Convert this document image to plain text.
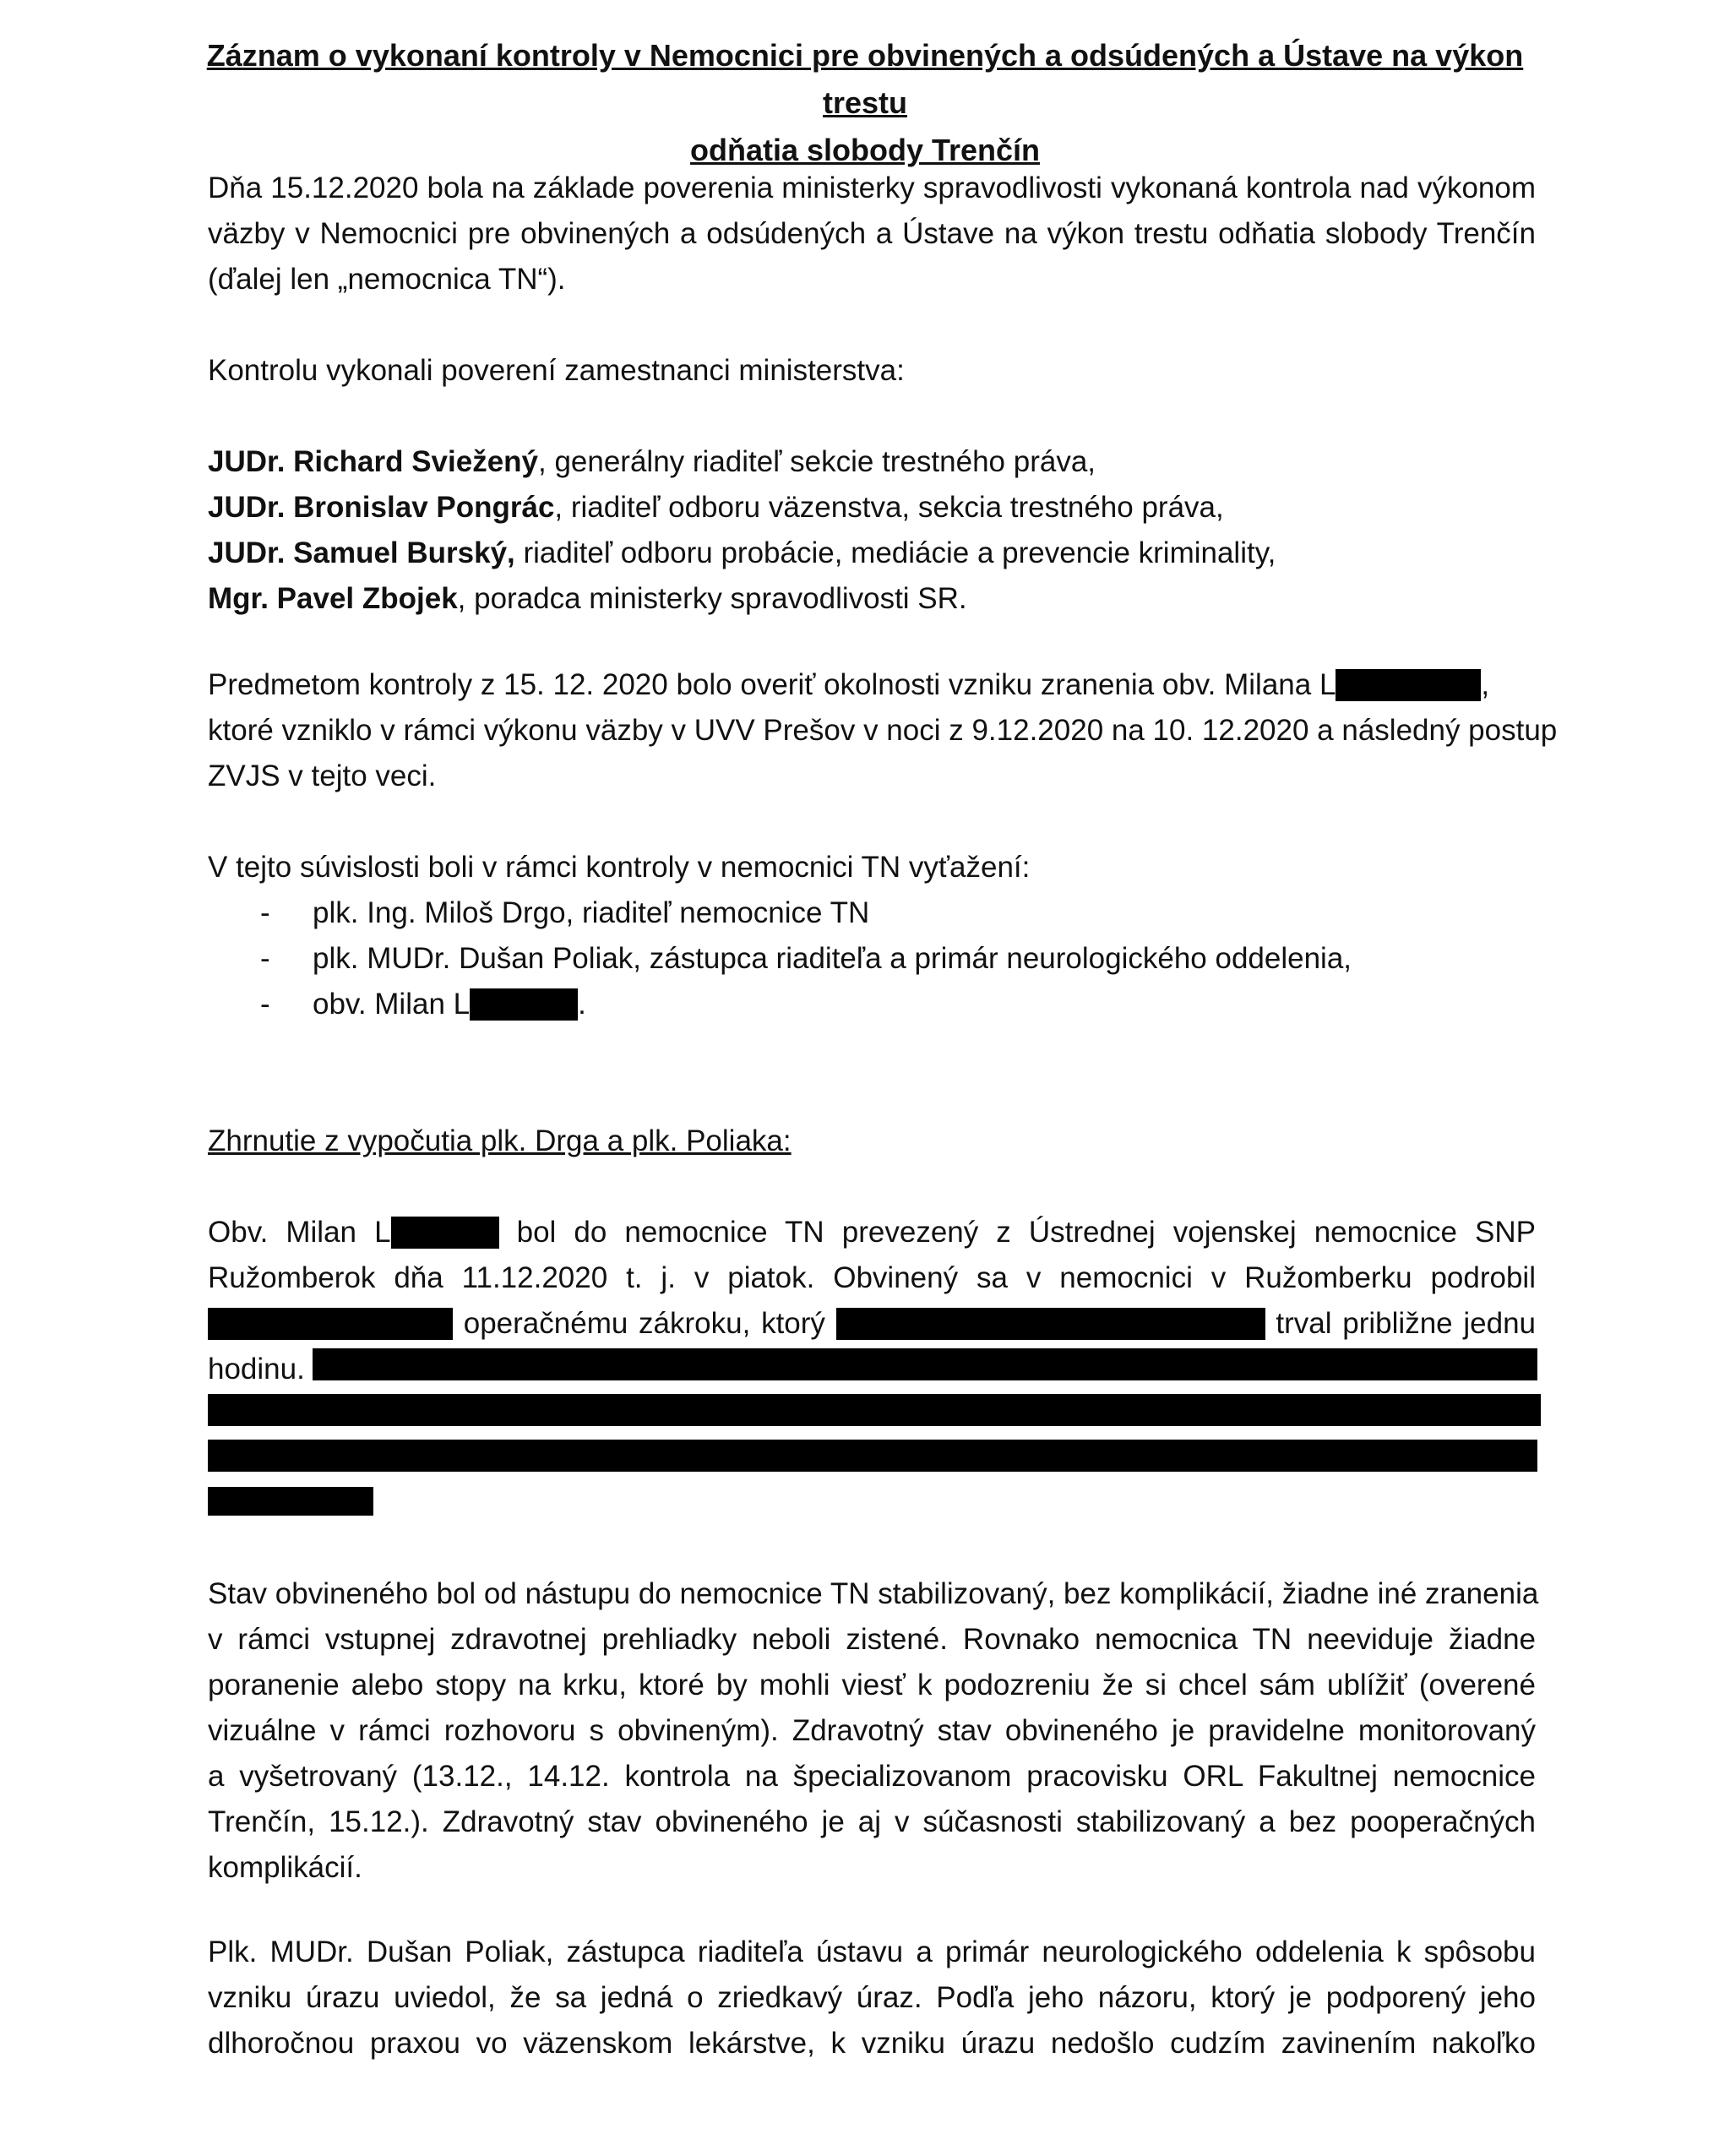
Záznam o vykonaní kontroly v Nemocnici pre obvinených a odsúdených a Ústave na výkon trestu
odňatia slobody Trenčín
Dňa 15.12.2020 bola na základe poverenia ministerky spravodlivosti vykonaná kontrola nad výkonom
väzby v Nemocnici pre obvinených a odsúdených a Ústave na výkon trestu odňatia slobody Trenčín
(ďalej len „nemocnica TN“).
Kontrolu vykonali poverení zamestnanci ministerstva:
JUDr. Richard Sviežený, generálny riaditeľ sekcie trestného práva,
JUDr. Bronislav Pongrác, riaditeľ odboru väzenstva, sekcia trestného práva,
JUDr. Samuel Burský, riaditeľ odboru probácie, mediácie a prevencie kriminality,
Mgr. Pavel Zbojek, poradca ministerky spravodlivosti SR.
Predmetom kontroly z 15. 12. 2020 bolo overiť okolnosti vzniku zranenia obv. Milana L	,
ktoré vzniklo v rámci výkonu väzby v UVV Prešov v noci z 9.12.2020 na 10. 12.2020 a následný postup
ZVJS v tejto veci.
V tejto súvislosti boli v rámci kontroly v nemocnici TN vyťažení:
- plk. Ing. Miloš Drgo, riaditeľ nemocnice TN
- plk. MUDr. Dušan Poliak, zástupca riaditeľa a primár neurologického oddelenia,
- obv. Milan L	.
Zhrnutie z vypočutia plk. Drga a plk. Poliaka:
Obv. Milan L	bol do nemocnice TN prevezený z Ústrednej vojenskej nemocnice SNP
Ružomberok dňa 11.12.2020 t. j. v piatok. Obvinený sa v nemocnici v Ružomberku podrobil
operačnému zákroku, ktorý	trval približne jednu
hodinu.
Stav obvineného bol od nástupu do nemocnice TN stabilizovaný, bez komplikácií, žiadne iné zranenia
v rámci vstupnej zdravotnej prehliadky neboli zistené. Rovnako nemocnica TN neeviduje žiadne
poranenie alebo stopy na krku, ktoré by mohli viesť k podozreniu že si chcel sám ublížiť (overené
vizuálne v rámci rozhovoru s obvineným). Zdravotný stav obvineného je pravidelne monitorovaný
a vyšetrovaný (13.12., 14.12. kontrola na špecializovanom pracovisku ORL Fakultnej nemocnice
Trenčín, 15.12.). Zdravotný stav obvineného je aj v súčasnosti stabilizovaný a bez pooperačných
komplikácií.
Plk. MUDr. Dušan Poliak, zástupca riaditeľa ústavu a primár neurologického oddelenia k spôsobu
vzniku úrazu uviedol, že sa jedná o zriedkavý úraz. Podľa jeho názoru, ktorý je podporený jeho
dlhoročnou praxou vo väzenskom lekárstve, k vzniku úrazu nedošlo cudzím zavinením nakoľko
